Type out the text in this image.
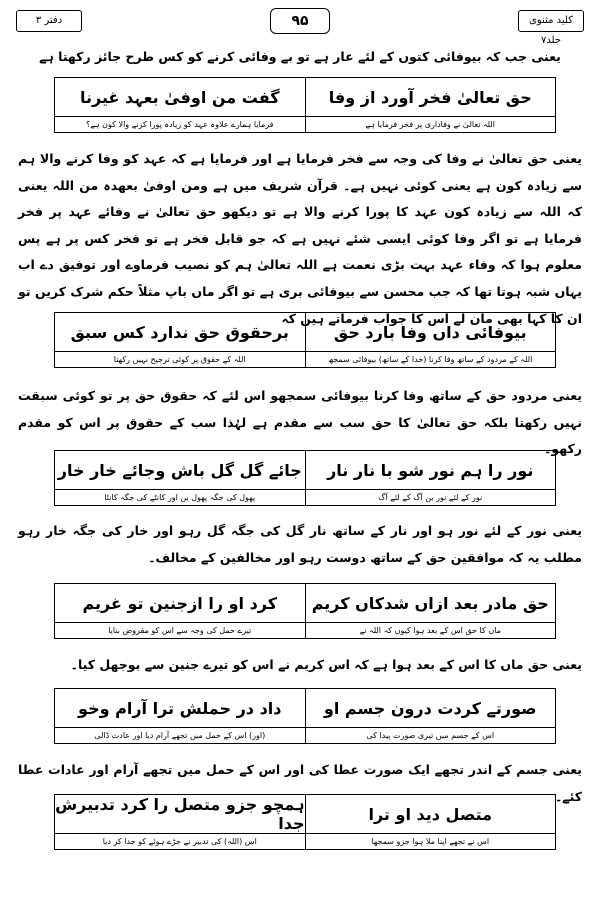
کلید مثنوی جلد۷
۹۵
دفتر ۳
یعنی جب کہ بیوفائی کتوں کے لئے عار ہے تو بے وفائی کرنے کو کس طرح جائز رکھتا ہے
حق تعالیٰ فخر آورد از وفا
گفت من اوفیٰ بعہد غیرنا
اللہ تعالیٰ نے وفاداری پر فخر فرمایا ہے
فرمایا ہمارے علاوہ عہد کو زیادہ پورا کرنے والا کون ہے؟
یعنی حق تعالیٰ نے وفا کی وجہ سے فخر فرمایا ہے اور فرمایا ہے کہ عہد کو وفا کرنے والا ہم سے زیادہ کون ہے یعنی کوئی نہیں ہے۔ قرآن شریف میں ہے ومن اوفیٰ بعھدہ من اللہ یعنی کہ اللہ سے زیادہ کون عہد کا پورا کرنے والا ہے تو دیکھو حق تعالیٰ نے وفائے عہد پر فخر فرمایا ہے تو اگر وفا کوئی ایسی شئے نہیں ہے کہ جو قابل فخر ہے تو فخر کس پر ہے پس معلوم ہوا کہ وفاء عہد بہت بڑی نعمت ہے اللہ تعالیٰ ہم کو نصیب فرماوے اور توفیق دے اب یہاں شبہ ہوتا تھا کہ جب محسن سے بیوفائی بری ہے تو اگر ماں باپ مثلاً حکم شرک کریں تو ان کا کہا بھی مان لے اس کا جواب فرماتے ہیں کہ
بیوفائی داں وفا بارد حق
برحقوق حق ندارد کس سبق
اللہ کے مردود کے ساتھ وفا کرنا (خدا کے ساتھ) بیوفائی سمجھ
اللہ کے حقوق پر کوئی ترجیح نہیں رکھتا
یعنی مردود حق کے ساتھ وفا کرنا بیوفائی سمجھو اس لئے کہ حقوق حق پر تو کوئی سبقت نہیں رکھتا بلکہ حق تعالیٰ کا حق سب سے مقدم ہے لہٰذا سب کے حقوق پر اس کو مقدم رکھو۔
نور را ہم نور شو با نار نار
جائے گل گل باش وجائے خار خار
نور کے لئے نور بن آگ کے لئے آگ
پھول کی جگہ پھول بن اور کانٹے کی جگہ کانٹا
یعنی نور کے لئے نور ہو اور نار کے ساتھ نار گل کی جگہ گل رہو اور خار کی جگہ خار رہو مطلب یہ کہ موافقین حق کے ساتھ دوست رہو اور مخالفین کے مخالف۔
حق مادر بعد ازاں شدکاں کریم
کرد او را ازجنین تو غریم
ماں کا حق اس کے بعد ہوا کیوں کہ اللہ نے
تیرے حمل کی وجہ سے اس کو مقروض بنایا
یعنی حق ماں کا اس کے بعد ہوا ہے کہ اس کریم نے اس کو تیرے جنین سے بوجھل کیا۔
صورتے کردت درون جسم او
داد در حملش ترا آرام وخو
اس کے جسم میں تیری صورت پیدا کی
(اور) اس کے حمل میں تجھے آرام دیا اور عادت ڈالی
یعنی جسم کے اندر تجھے ایک صورت عطا کی اور اس کے حمل میں تجھے آرام اور عادات عطا کئے۔
متصل دید او ترا
ہمچو جزو متصل را کرد تدبیرش جدا
اس نے تجھے اپنا ملا ہوا جزو سمجھا
اس (اللہ) کی تدبیر نے جڑے ہوئے کو جدا کر دیا
